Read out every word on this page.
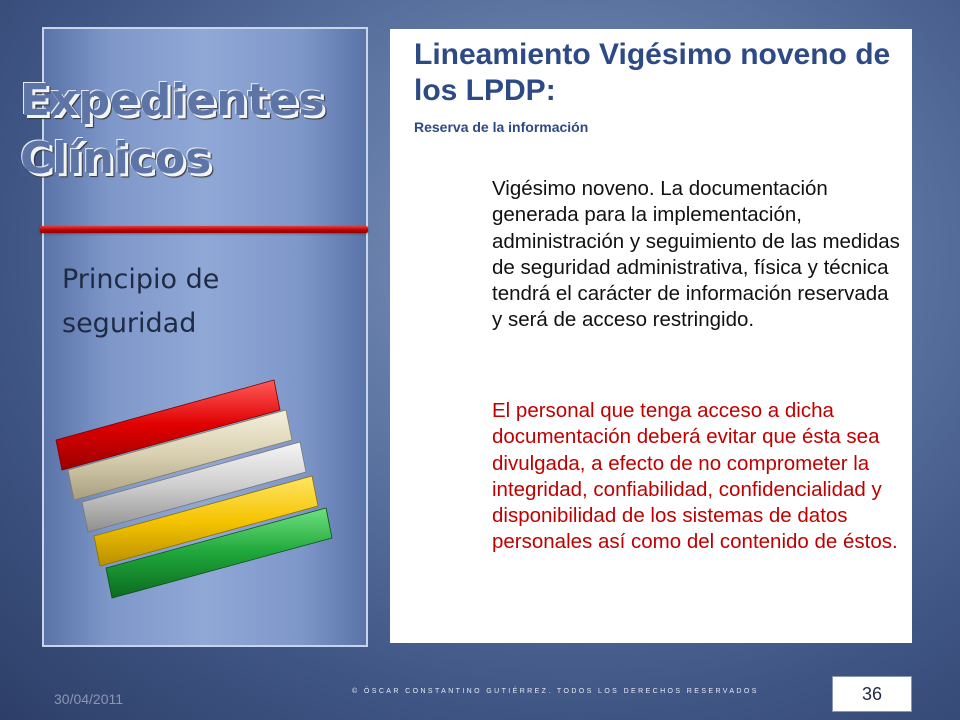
Expedientes
Clínicos

Principio de seguridad

Lineamiento Vigésimo noveno de los LPDP:

Reserva de la información

Vigésimo noveno. La documentación generada para la implementación, administración y seguimiento de las medidas de seguridad administrativa, física y técnica tendrá el carácter de información reservada y será de acceso restringido.

El personal que tenga acceso a dicha documentación deberá evitar que ésta sea divulgada, a efecto de no comprometer la integridad, confiabilidad, confidencialidad y disponibilidad de los sistemas de datos personales así como del contenido de éstos.

30/04/2011	© ÓSCAR CONSTANTINO GUTIÉRREZ. TODOS LOS DERECHOS RESERVADOS	36
